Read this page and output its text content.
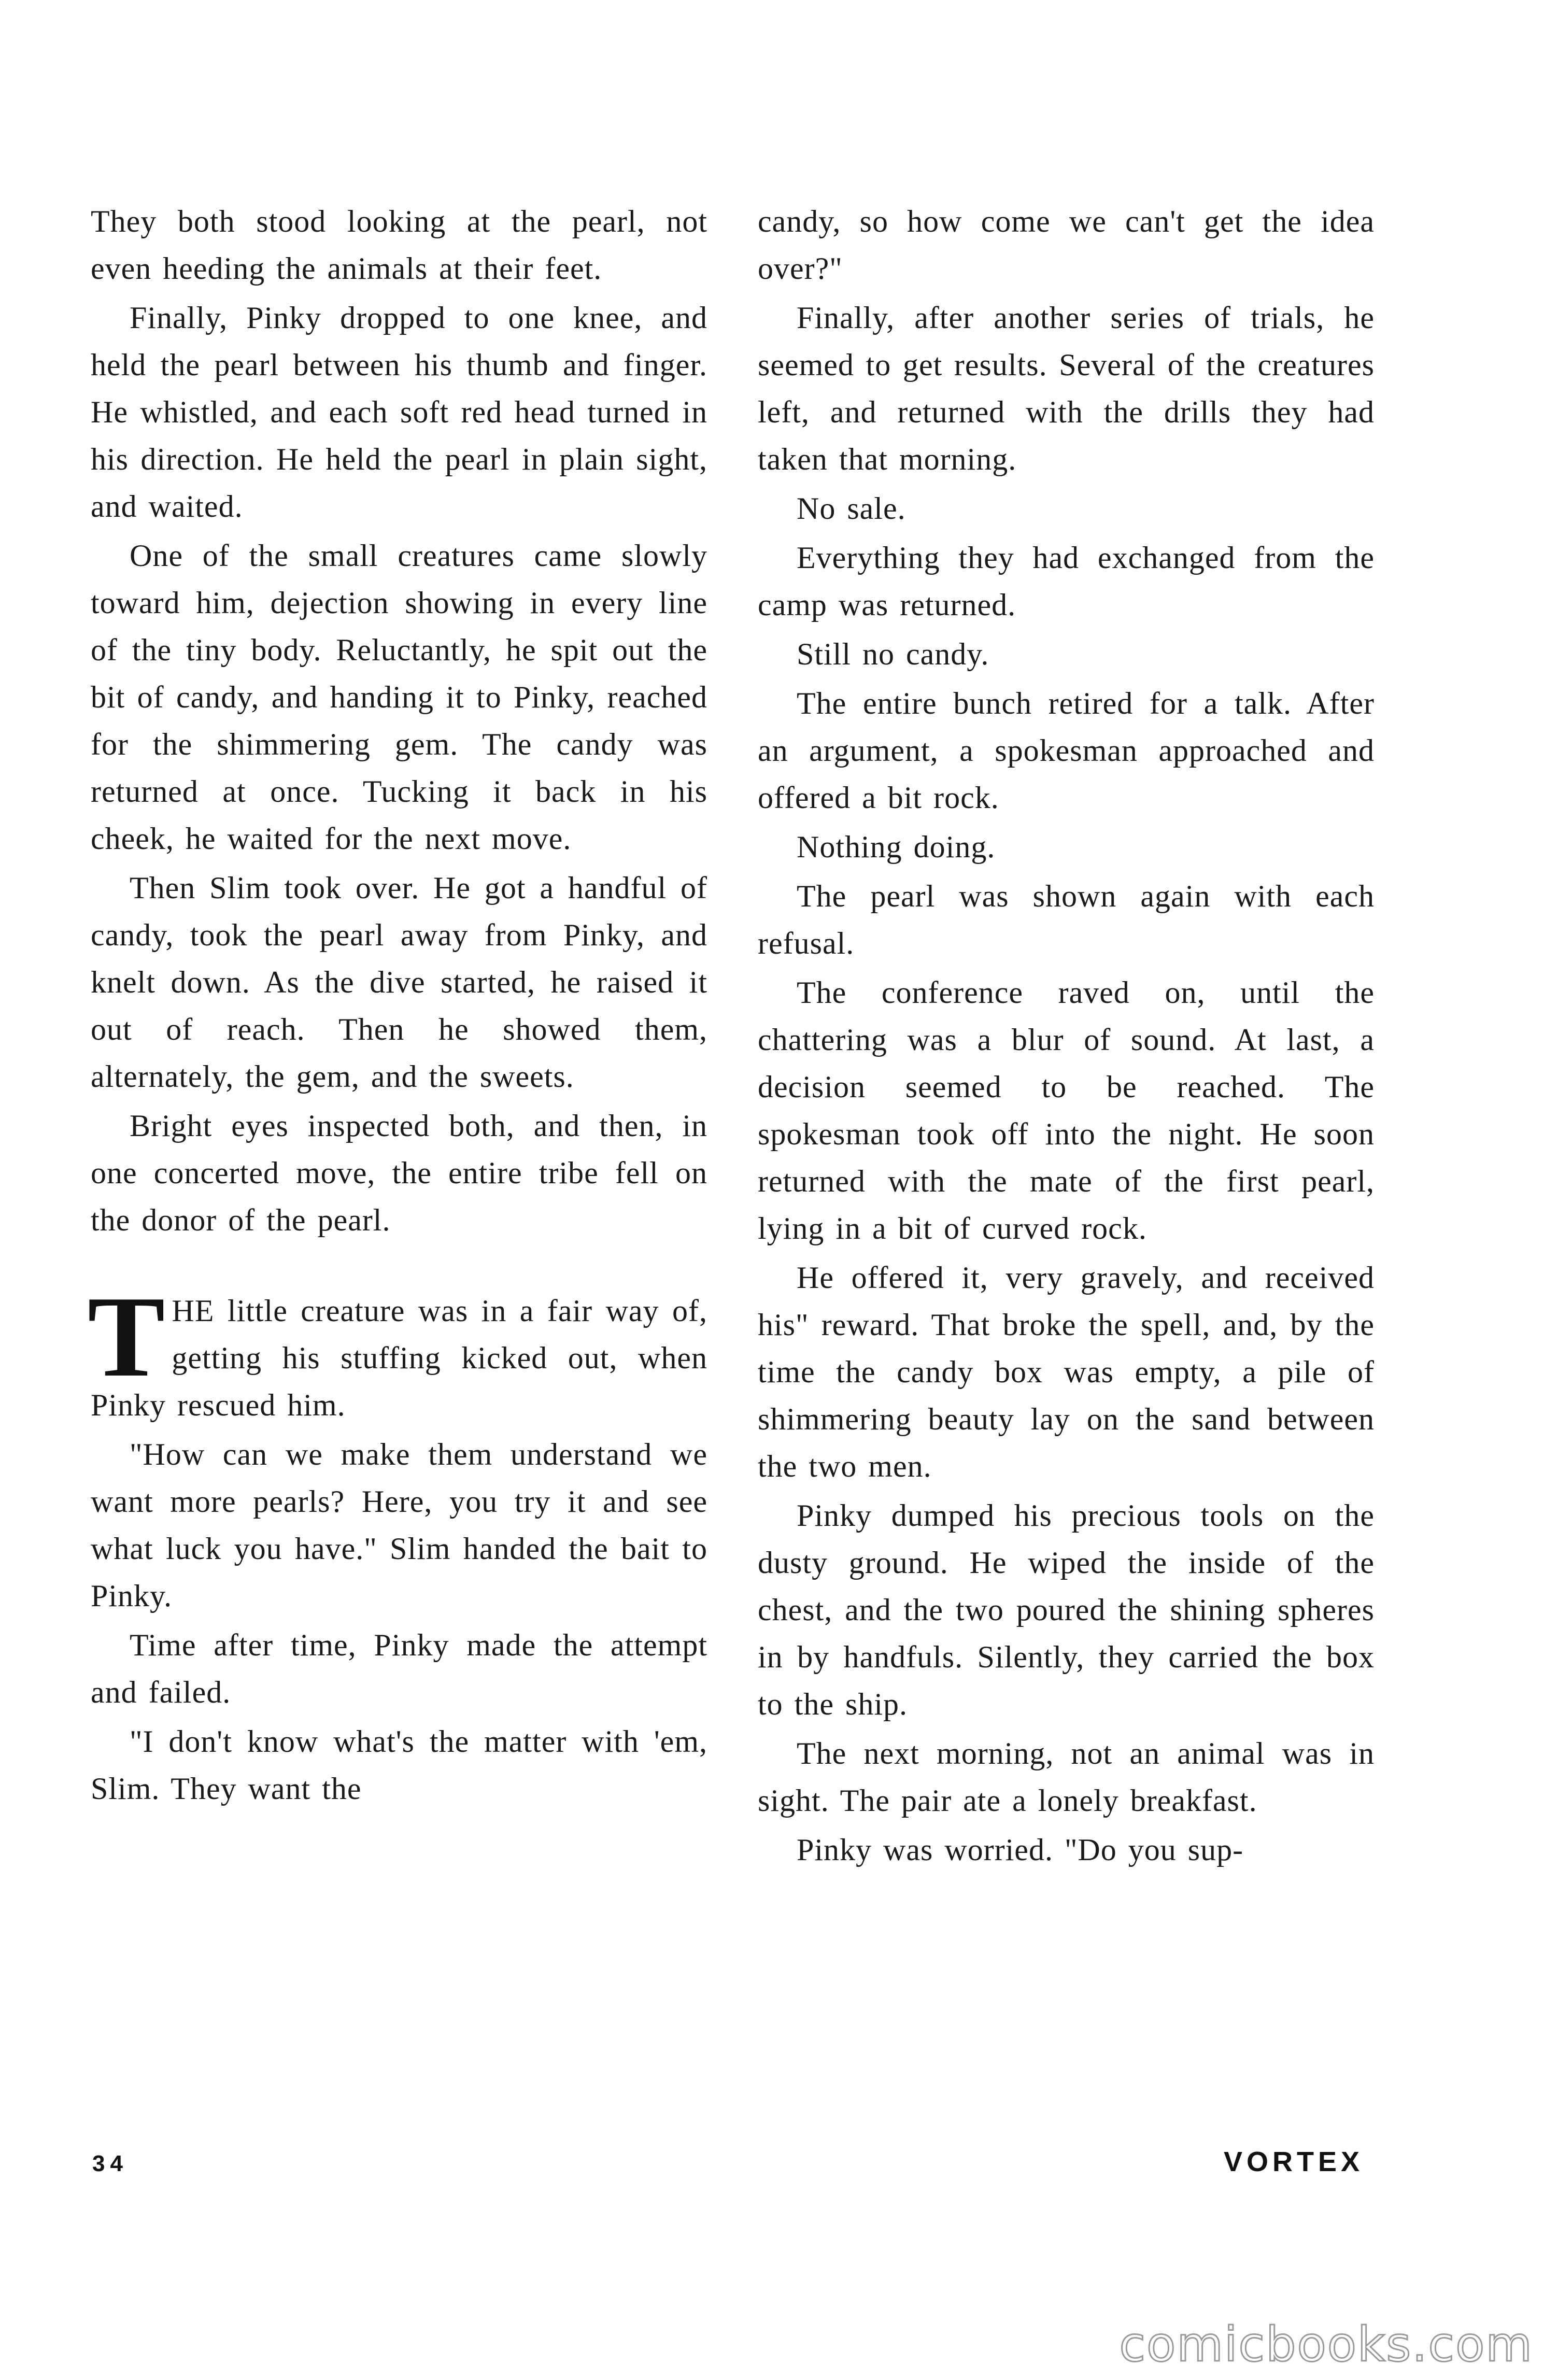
They both stood looking at the pearl, not even heeding the animals at their feet.

Finally, Pinky dropped to one knee, and held the pearl between his thumb and finger. He whistled, and each soft red head turned in his direction. He held the pearl in plain sight, and waited.

One of the small creatures came slowly toward him, dejection showing in every line of the tiny body. Reluctantly, he spit out the bit of candy, and handing it to Pinky, reached for the shimmering gem. The candy was returned at once. Tucking it back in his cheek, he waited for the next move.

Then Slim took over. He got a handful of candy, took the pearl away from Pinky, and knelt down. As the dive started, he raised it out of reach. Then he showed them, alternately, the gem, and the sweets.

Bright eyes inspected both, and then, in one concerted move, the entire tribe fell on the donor of the pearl.

THE little creature was in a fair way of, getting his stuffing kicked out, when Pinky rescued him.

"How can we make them understand we want more pearls? Here, you try it and see what luck you have." Slim handed the bait to Pinky.

Time after time, Pinky made the attempt and failed.

"I don't know what's the matter with 'em, Slim. They want the

candy, so how come we can't get the idea over?"

Finally, after another series of trials, he seemed to get results. Several of the creatures left, and returned with the drills they had taken that morning.

No sale.

Everything they had exchanged from the camp was returned.

Still no candy.

The entire bunch retired for a talk. After an argument, a spokesman approached and offered a bit rock.

Nothing doing.

The pearl was shown again with each refusal.

The conference raved on, until the chattering was a blur of sound. At last, a decision seemed to be reached. The spokesman took off into the night. He soon returned with the mate of the first pearl, lying in a bit of curved rock.

He offered it, very gravely, and received his" reward. That broke the spell, and, by the time the candy box was empty, a pile of shimmering beauty lay on the sand between the two men.

Pinky dumped his precious tools on the dusty ground. He wiped the inside of the chest, and the two poured the shining spheres in by handfuls. Silently, they carried the box to the ship.

The next morning, not an animal was in sight. The pair ate a lonely breakfast.

Pinky was worried. "Do you sup-

34	VORTEX
comicbooks.com
